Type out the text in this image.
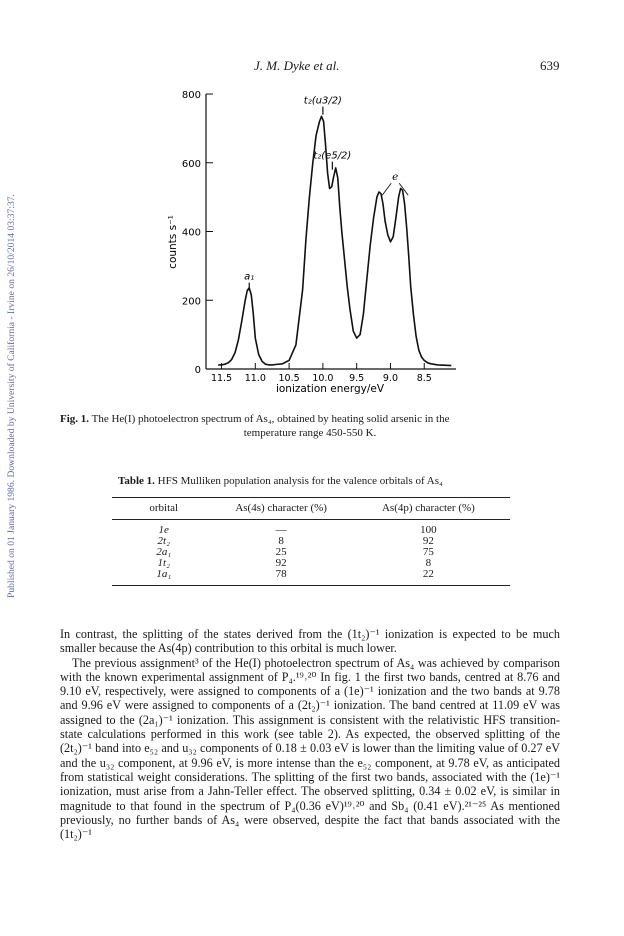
Published on 01 January 1986. Downloaded by University of California - Irvine on 26/10/2014 03:37:37.
J. M. Dyke et al.	639
0
200
400
600
800
11.5 11.0 10.5 10.0 9.5 9.0 8.5
counts s⁻¹
ionization energy/eV
a₁
t₂(u3/2)
t₂(e5/2)
e
Fig. 1. The He(I) photoelectron spectrum of As₄, obtained by heating solid arsenic in the
temperature range 450-550 K.
Table 1. HFS Mulliken population analysis for the valence orbitals of As₄
orbital	As(4s) character (%)	As(4p) character (%)
1e	—	100
2t₂	8	92
2a₁	25	75
1t₂	92	8
1a₁	78	22

In contrast, the splitting of the states derived from the (1t₂)⁻¹ ionization is expected to be much smaller because the As(4p) contribution to this orbital is much lower.

The previous assignment³ of the He(I) photoelectron spectrum of As₄ was achieved by comparison with the known experimental assignment of P₄.¹⁹˒²⁰ In fig. 1 the first two bands, centred at 8.76 and 9.10 eV, respectively, were assigned to components of a (1e)⁻¹ ionization and the two bands at 9.78 and 9.96 eV were assigned to components of a (2t₂)⁻¹ ionization. The band centred at 11.09 eV was assigned to the (2a₁)⁻¹ ionization. This assignment is consistent with the relativistic HFS transition-state calculations performed in this work (see table 2). As expected, the observed splitting of the (2t₂)⁻¹ band into e₅₂ and u₃₂ components of 0.18 ± 0.03 eV is lower than the limiting value of 0.27 eV and the u₃₂ component, at 9.96 eV, is more intense than the e₅₂ component, at 9.78 eV, as anticipated from statistical weight considerations. The splitting of the first two bands, associated with the (1e)⁻¹ ionization, must arise from a Jahn-Teller effect. The observed splitting, 0.34 ± 0.02 eV, is similar in magnitude to that found in the spectrum of P₄(0.36 eV)¹⁹˒²⁰ and Sb₄ (0.41 eV).²¹⁻²⁵ As mentioned previously, no further bands of As₄ were observed, despite the fact that bands associated with the (1t₂)⁻¹
